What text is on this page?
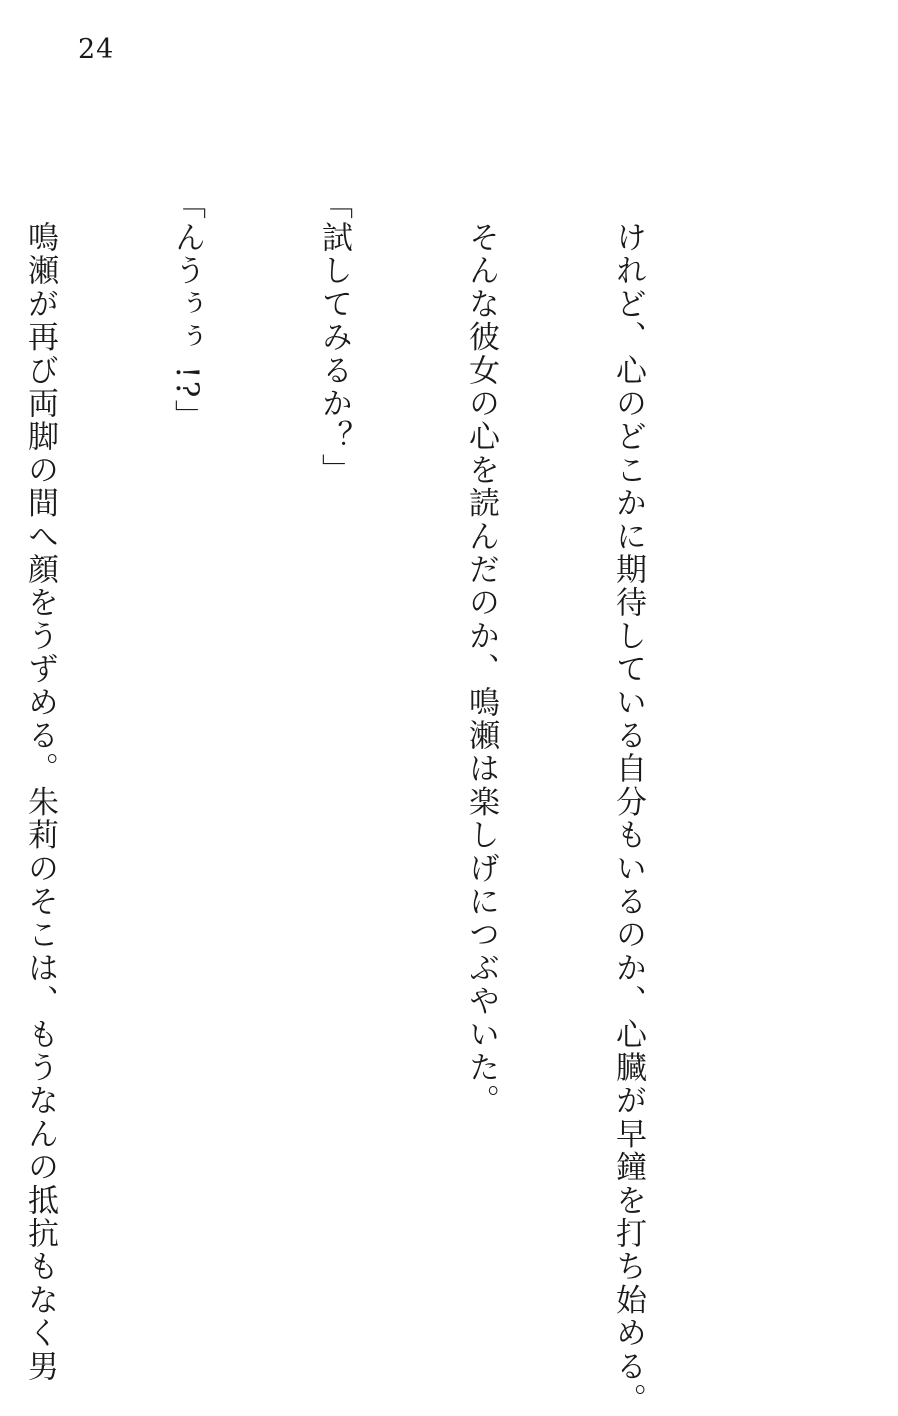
24

けれど、心のどこかに期待している自分もいるのか、心臓が早鐘を打ち始める。

そんな彼女の心を読んだのか、鳴瀬は楽しげにつぶやいた。

「試してみるか？」

「んうぅぅ !?」

鳴瀬が再び両脚の間へ顔をうずめる。朱莉のそこは、もうなんの抵抗もなく男
